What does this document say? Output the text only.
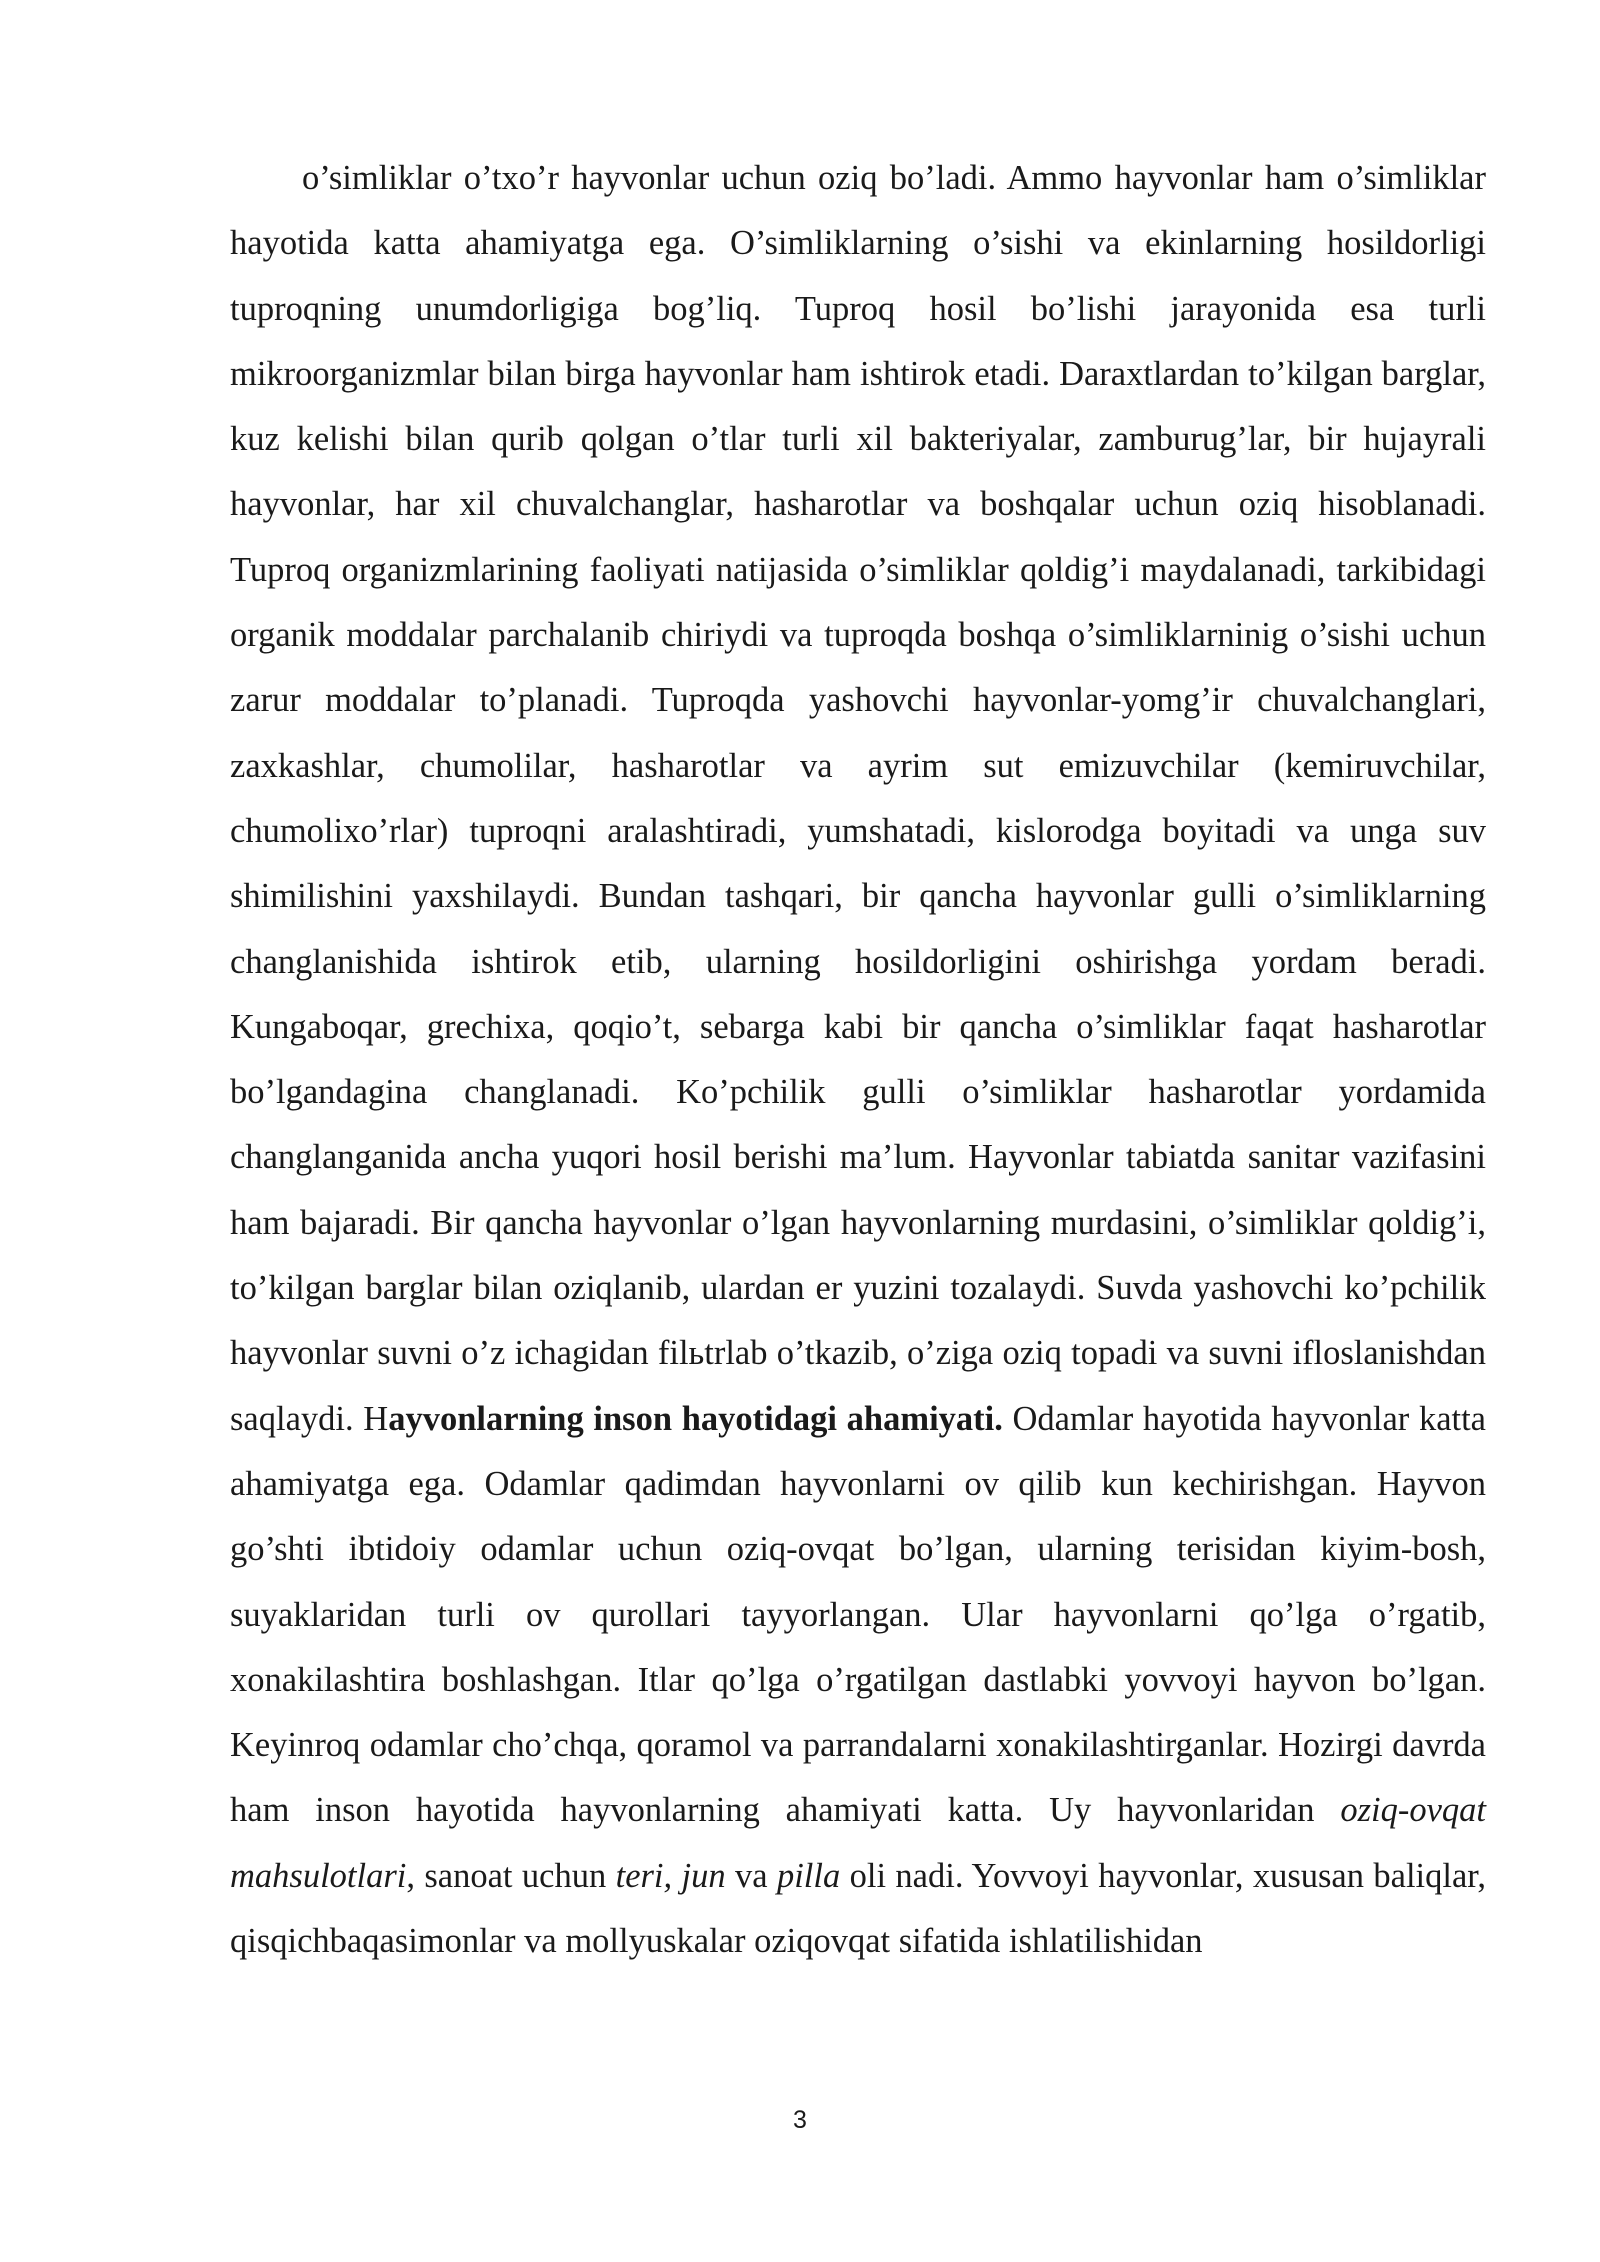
o’simliklar o’txo’r hayvonlar uchun oziq bo’ladi. Ammo hayvonlar ham o’simliklar hayotida katta ahamiyatga ega. O’simliklarning o’sishi va ekinlarning hosildorligi tuproqning unumdorligiga bog’liq. Tuproq hosil bo’lishi jarayonida esa turli mikroorganizmlar bilan birga hayvonlar ham ishtirok etadi. Daraxtlardan to’kilgan barglar, kuz kelishi bilan qurib qolgan o’tlar turli xil bakteriyalar, zamburug’lar, bir hujayrali hayvonlar, har xil chuvalchanglar, hasharotlar va boshqalar uchun oziq hisoblanadi. Tuproq organizmlarining faoliyati natijasida o’simliklar qoldig’i maydalanadi, tarkibidagi organik moddalar parchalanib chiriydi va tuproqda boshqa o’simliklarninig o’sishi uchun zarur moddalar to’planadi. Tuproqda yashovchi hayvonlar-yomg’ir chuvalchanglari, zaxkashlar, chumolilar, hasharotlar va ayrim sut emizuvchilar (kemiruvchilar, chumolixo’rlar) tuproqni aralashtiradi, yumshatadi, kislorodga boyitadi va unga suv shimilishini yaxshilaydi. Bundan tashqari, bir qancha hayvonlar gulli o’simliklarning changlanishida ishtirok etib, ularning hosildorligini oshirishga yordam beradi. Kungaboqar, grechixa, qoqio’t, sebarga kabi bir qancha o’simliklar faqat hasharotlar bo’lgandagina changlanadi. Ko’pchilik gulli o’simliklar hasharotlar yordamida changlanganida ancha yuqori hosil berishi ma’lum. Hayvonlar tabiatda sanitar vazifasini ham bajaradi. Bir qancha hayvonlar o’lgan hayvonlarning murdasini, o’simliklar qoldig’i, to’kilgan barglar bilan oziqlanib, ulardan er yuzini tozalaydi. Suvda yashovchi ko’pchilik hayvonlar suvni o’z ichagidan filьtrlab o’tkazib, o’ziga oziq topadi va suvni ifloslanishdan saqlaydi. Hayvonlarning inson hayotidagi ahamiyati. Odamlar hayotida hayvonlar katta ahamiyatga ega. Odamlar qadimdan hayvonlarni ov qilib kun kechirishgan. Hayvon go’shti ibtidoiy odamlar uchun oziq-ovqat bo’lgan, ularning terisidan kiyim-bosh, suyaklaridan turli ov qurollari tayyorlangan. Ular hayvonlarni qo’lga o’rgatib, xonakilashtira boshlashgan. Itlar qo’lga o’rgatilgan dastlabki yovvoyi hayvon bo’lgan. Keyinroq odamlar cho’chqa, qoramol va parrandalarni xonakilashtirganlar. Hozirgi davrda ham inson hayotida hayvonlarning ahamiyati katta. Uy hayvonlaridan oziq-ovqat mahsulotlari, sanoat uchun teri, jun va pilla oli nadi. Yovvoyi hayvonlar, xususan baliqlar, qisqichbaqasimonlar va mollyuskalar oziqovqat sifatida ishlatilishidan

3
